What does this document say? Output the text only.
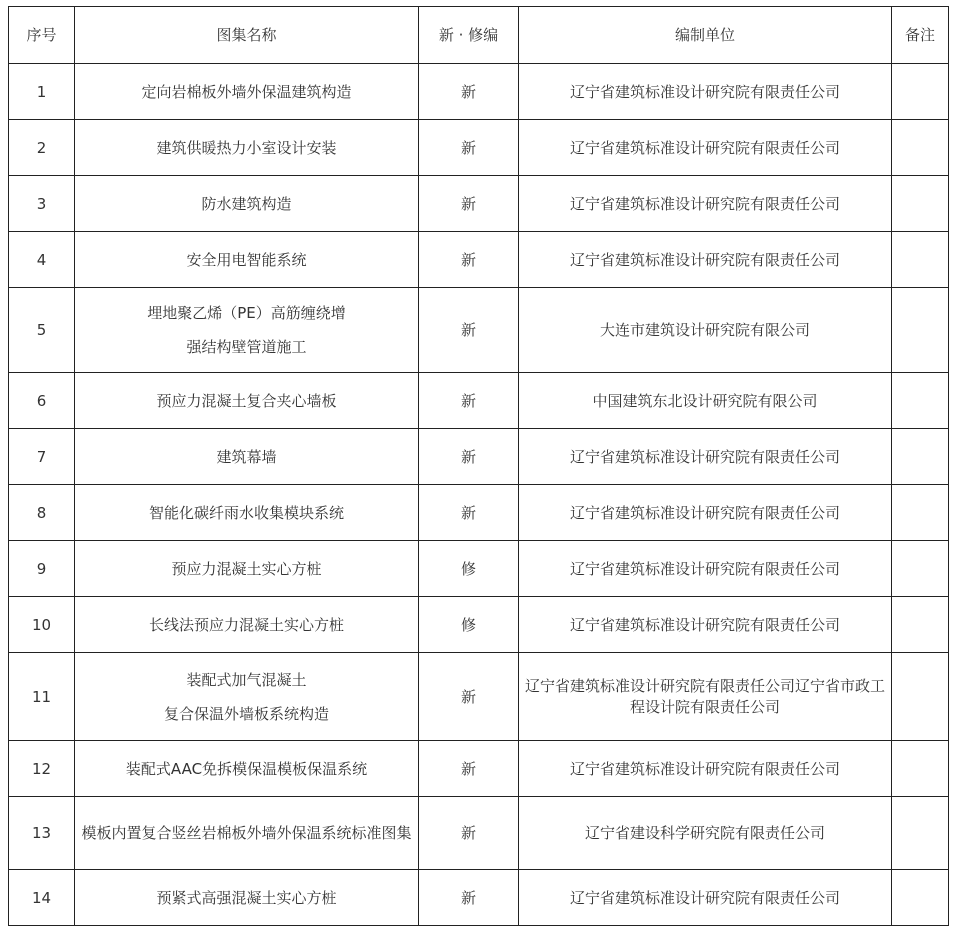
序号	图集名称	新 · 修编	编制单位	备注
1	定向岩棉板外墙外保温建筑构造	新	辽宁省建筑标准设计研究院有限责任公司	
2	建筑供暖热力小室设计安装	新	辽宁省建筑标准设计研究院有限责任公司	
3	防水建筑构造	新	辽宁省建筑标准设计研究院有限责任公司	
4	安全用电智能系统	新	辽宁省建筑标准设计研究院有限责任公司	
5	埋地聚乙烯（PE）高筋缠绕增
强结构壁管道施工	新	大连市建筑设计研究院有限公司	
6	预应力混凝土复合夹心墙板	新	中国建筑东北设计研究院有限公司	
7	建筑幕墙	新	辽宁省建筑标准设计研究院有限责任公司	
8	智能化碳纤雨水收集模块系统	新	辽宁省建筑标准设计研究院有限责任公司	
9	预应力混凝土实心方桩	修	辽宁省建筑标准设计研究院有限责任公司	
10	长线法预应力混凝土实心方桩	修	辽宁省建筑标准设计研究院有限责任公司	
11	装配式加气混凝土
复合保温外墙板系统构造	新	辽宁省建筑标准设计研究院有限责任公司辽宁省市政工程设计院有限责任公司	
12	装配式AAC免拆模保温模板保温系统	新	辽宁省建筑标准设计研究院有限责任公司	
13	模板内置复合竖丝岩棉板外墙外保温系统标准图集	新	辽宁省建设科学研究院有限责任公司	
14	预紧式高强混凝土实心方桩	新	辽宁省建筑标准设计研究院有限责任公司	
